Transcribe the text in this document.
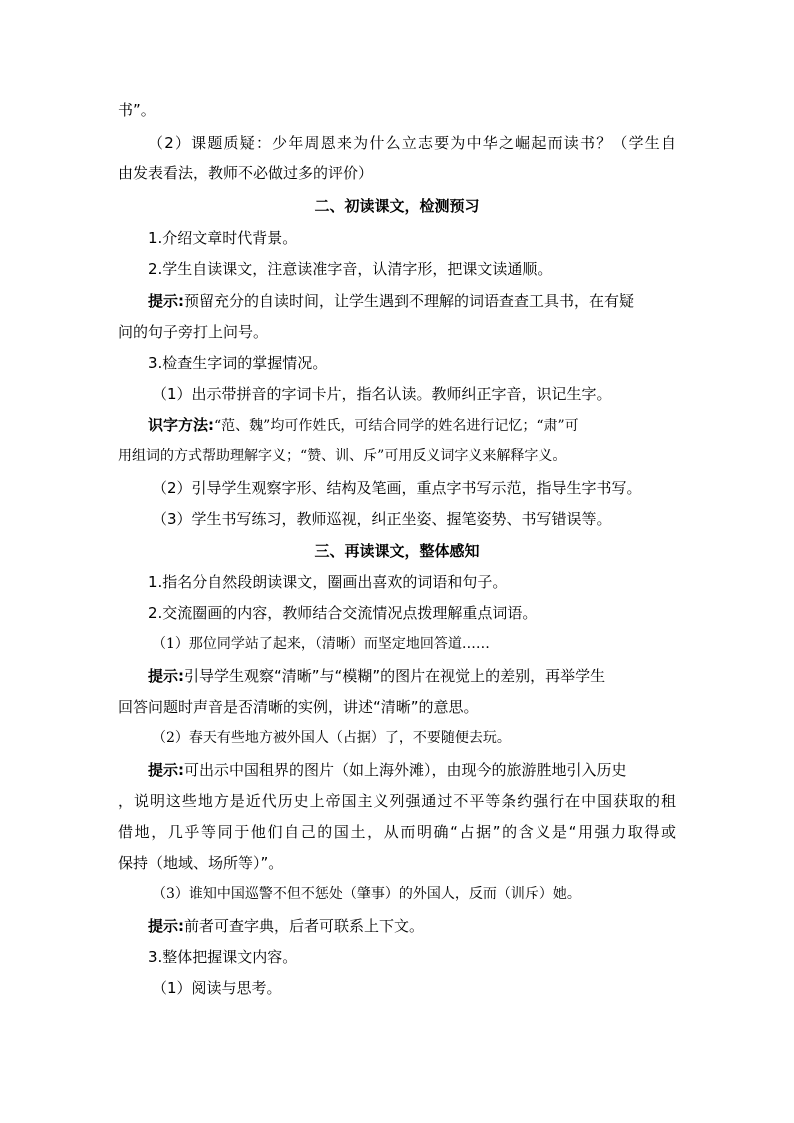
书”。
（2）课题质疑：少年周恩来为什么立志要为中华之崛起而读书？（学生自
由发表看法，教师不必做过多的评价）
二、初读课文，检测预习
1.介绍文章时代背景。
2.学生自读课文，注意读准字音，认清字形，把课文读通顺。
提示:预留充分的自读时间，让学生遇到不理解的词语查查工具书，在有疑
问的句子旁打上问号。
3.检查生字词的掌握情况。
（1）出示带拼音的字词卡片，指名认读。教师纠正字音，识记生字。
识字方法:“范、魏”均可作姓氏，可结合同学的姓名进行记忆；“肃”可
用组词的方式帮助理解字义；“赞、训、斥”可用反义词字义来解释字义。
（2）引导学生观察字形、结构及笔画，重点字书写示范，指导生字书写。
（3）学生书写练习，教师巡视，纠正坐姿、握笔姿势、书写错误等。
三、再读课文，整体感知
1.指名分自然段朗读课文，圈画出喜欢的词语和句子。
2.交流圈画的内容，教师结合交流情况点拨理解重点词语。
（1）那位同学站了起来，（清晰）而坚定地回答道……
提示:引导学生观察“清晰”与“模糊”的图片在视觉上的差别，再举学生
回答问题时声音是否清晰的实例，讲述“清晰”的意思。
（2）春天有些地方被外国人（占据）了，不要随便去玩。
提示:可出示中国租界的图片（如上海外滩），由现今的旅游胜地引入历史
，说明这些地方是近代历史上帝国主义列强通过不平等条约强行在中国获取的租
借地，几乎等同于他们自己的国土，从而明确“占据”的含义是“用强力取得或
保持（地域、场所等）”。
（3）谁知中国巡警不但不惩处（肇事）的外国人，反而（训斥）她。
提示:前者可查字典，后者可联系上下文。
3.整体把握课文内容。
（1）阅读与思考。
